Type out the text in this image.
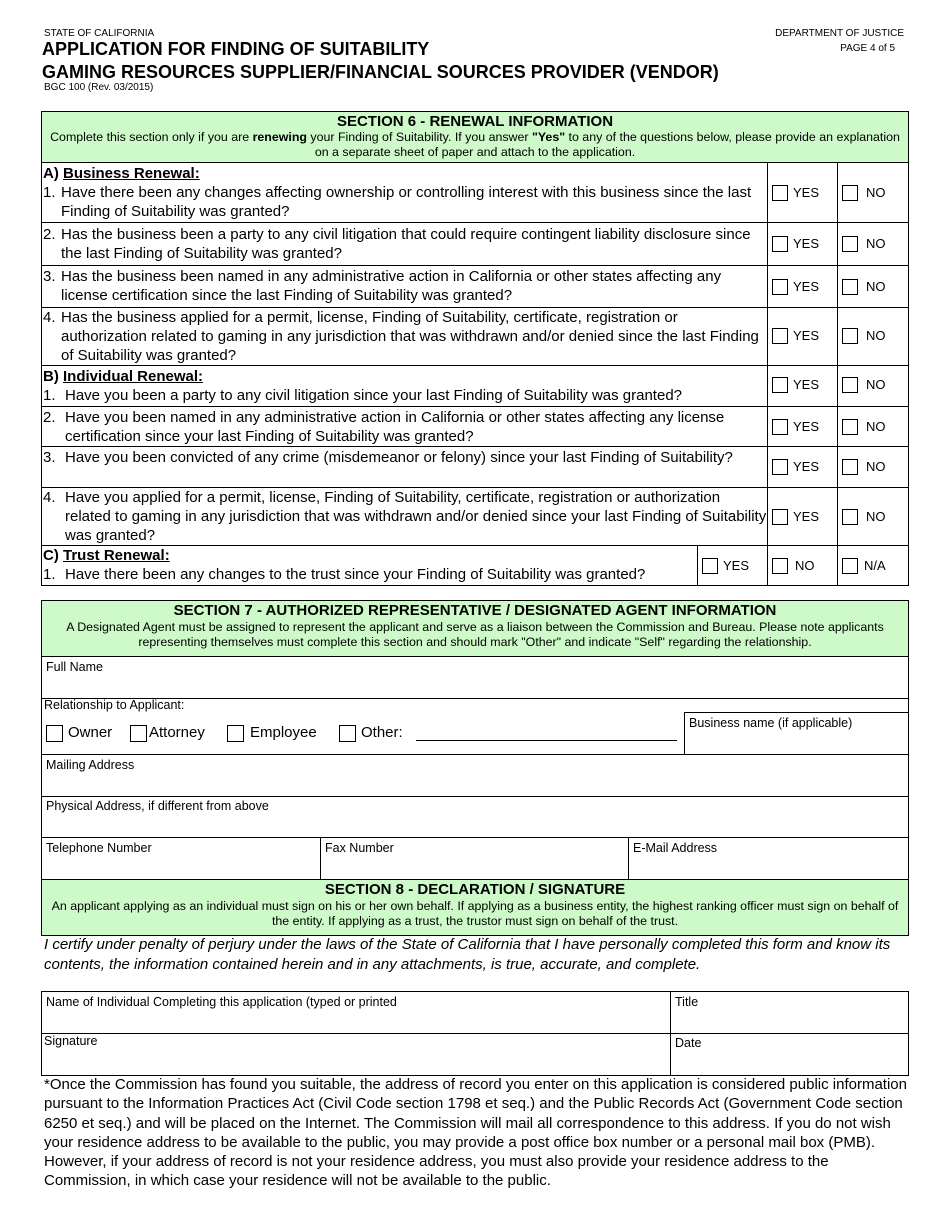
STATE OF CALIFORNIA	DEPARTMENT OF JUSTICE
PAGE 4 of 5
APPLICATION FOR FINDING OF SUITABILITY
GAMING RESOURCES SUPPLIER/FINANCIAL SOURCES PROVIDER (VENDOR)
BGC 100 (Rev. 03/2015)
SECTION 6 - RENEWAL INFORMATION
Complete this section only if you are renewing your Finding of Suitability. If you answer "Yes" to any of the questions below, please provide an explanation on a separate sheet of paper and attach to the application.
A) Business Renewal:
1. Have there been any changes affecting ownership or controlling interest with this business since the last Finding of Suitability was granted?
YES	NO
2. Has the business been a party to any civil litigation that could require contingent liability disclosure since the last Finding of Suitability was granted?
YES	NO
3. Has the business been named in any administrative action in California or other states affecting any license certification since the last Finding of Suitability was granted?
YES	NO
4. Has the business applied for a permit, license, Finding of Suitability, certificate, registration or authorization related to gaming in any jurisdiction that was withdrawn and/or denied since the last Finding of Suitability was granted?
YES	NO
B) Individual Renewal:
1. Have you been a party to any civil litigation since your last Finding of Suitability was granted?
YES	NO
2. Have you been named in any administrative action in California or other states affecting any license certification since your last Finding of Suitability was granted?
YES	NO
3. Have you been convicted of any crime (misdemeanor or felony) since your last Finding of Suitability?
YES	NO
4. Have you applied for a permit, license, Finding of Suitability, certificate, registration or authorization related to gaming in any jurisdiction that was withdrawn and/or denied since your last Finding of Suitability was granted?
YES	NO
C) Trust Renewal:
1. Have there been any changes to the trust since your Finding of Suitability was granted?
YES	NO	N/A
SECTION 7 - AUTHORIZED REPRESENTATIVE / DESIGNATED AGENT INFORMATION
A Designated Agent must be assigned to represent the applicant and serve as a liaison between the Commission and Bureau. Please note applicants representing themselves must complete this section and should mark "Other" and indicate "Self" regarding the relationship.
Full Name
Relationship to Applicant:
Owner Attorney	Employee	Other:
Business name (if applicable)
Mailing Address
Physical Address, if different from above
Telephone Number	Fax Number	E-Mail Address
SECTION 8 - DECLARATION / SIGNATURE
An applicant applying as an individual must sign on his or her own behalf. If applying as a business entity, the highest ranking officer must sign on behalf of the entity. If applying as a trust, the trustor must sign on behalf of the trust.
I certify under penalty of perjury under the laws of the State of California that I have personally completed this form and know its contents, the information contained herein and in any attachments, is true, accurate, and complete.
Name of Individual Completing this application (typed or printed	Title
Signature	Date
*Once the Commission has found you suitable, the address of record you enter on this application is considered public information pursuant to the Information Practices Act (Civil Code section 1798 et seq.) and the Public Records Act (Government Code section 6250 et seq.) and will be placed on the Internet. The Commission will mail all correspondence to this address. If you do not wish your residence address to be available to the public, you may provide a post office box number or a personal mail box (PMB). However, if your address of record is not your residence address, you must also provide your residence address to the Commission, in which case your residence will not be available to the public.
